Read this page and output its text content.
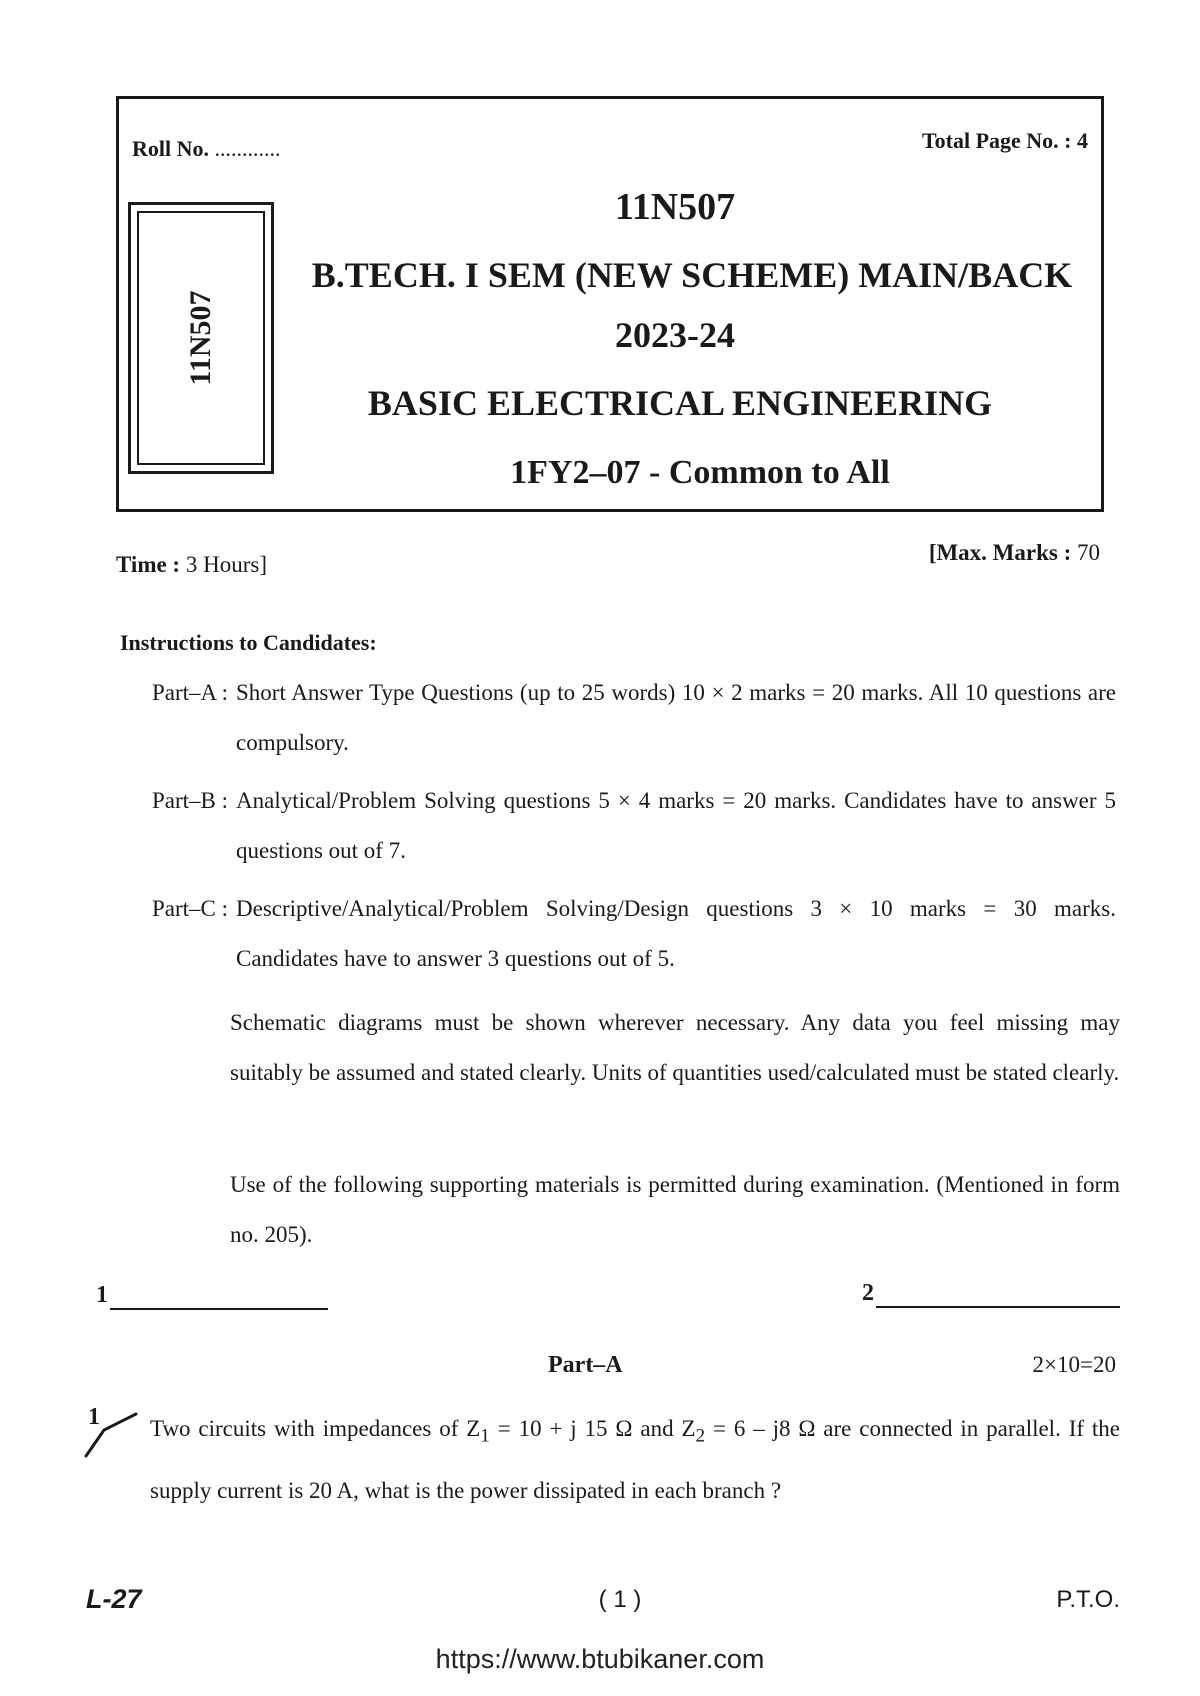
Roll No. ............	Total Page No. : 4
11N507
11N507
B.TECH. I SEM (NEW SCHEME) MAIN/BACK
2023-24
BASIC ELECTRICAL ENGINEERING
1FY2–07 - Common to All
Time : 3 Hours]	[Max. Marks : 70
Instructions to Candidates:
Part–A : Short Answer Type Questions (up to 25 words) 10 × 2 marks = 20 marks. All 10 questions are compulsory.
Part–B : Analytical/Problem Solving questions 5 × 4 marks = 20 marks. Candidates have to answer 5 questions out of 7.
Part–C : Descriptive/Analytical/Problem Solving/Design questions 3 × 10 marks = 30 marks. Candidates have to answer 3 questions out of 5.
Schematic diagrams must be shown wherever necessary. Any data you feel missing may suitably be assumed and stated clearly. Units of quantities used/calculated must be stated clearly.
Use of the following supporting materials is permitted during examination. (Mentioned in form no. 205).
1	2
Part–A	2×10=20
1 Two circuits with impedances of $Z_1 = 10 + j$ 15 Ω and $Z_2 = 6 - j8$ Ω are connected in parallel. If the supply current is 20 A, what is the power dissipated in each branch ?
L-27	( 1 )	P.T.O.
https://www.btubikaner.com
